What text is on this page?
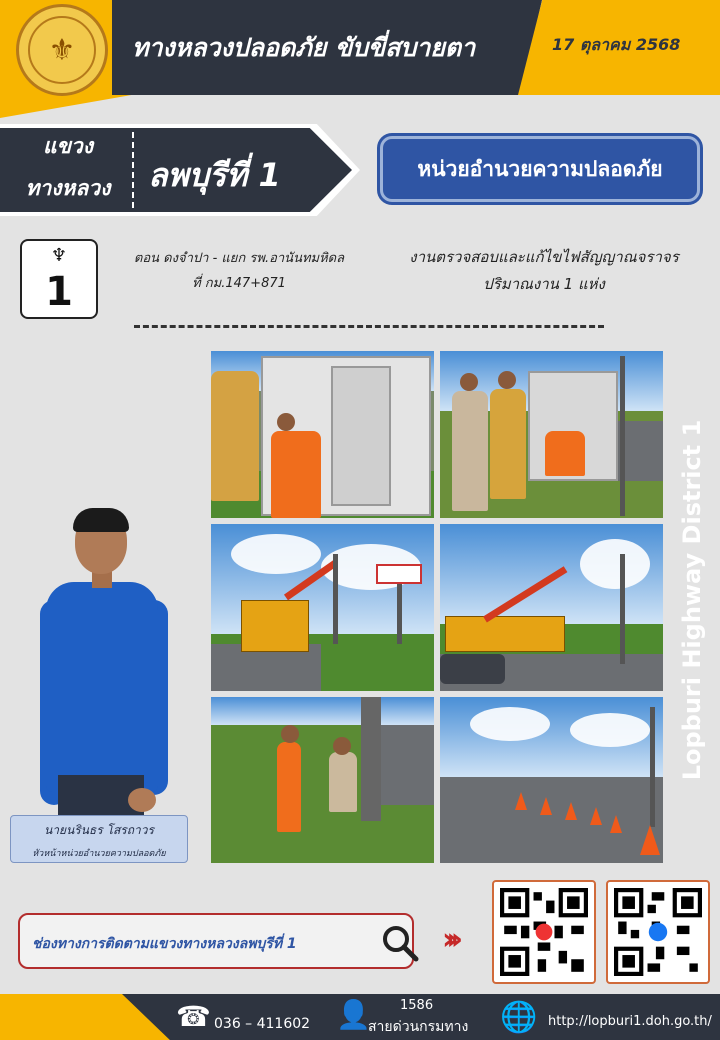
⚜	ทางหลวงปลอดภัย ขับขี่สบายตา	17 ตุลาคม 2568
แขวง
ทางหลวง	ลพบุรีที่ 1	หน่วยอำนวยความปลอดภัย
♆
1
ตอน ดงจำปา - แยก รพ.อานันทมหิดล
ที่ กม.147+871
งานตรวจสอบและแก้ไขไฟสัญญาณจราจร
ปริมาณงาน 1 แห่ง
Lopburi Highway District 1
นายนรินธร โสรถาวร
หัวหน้าหน่วยอำนวยความปลอดภัย
ช่องทางการติดตามแขวงทางหลวงลพบุรีที่ 1	›››
☎ 036 – 411602 👤 1586
สายด่วนกรมทาง 🌐 http://lopburi1.doh.go.th/
